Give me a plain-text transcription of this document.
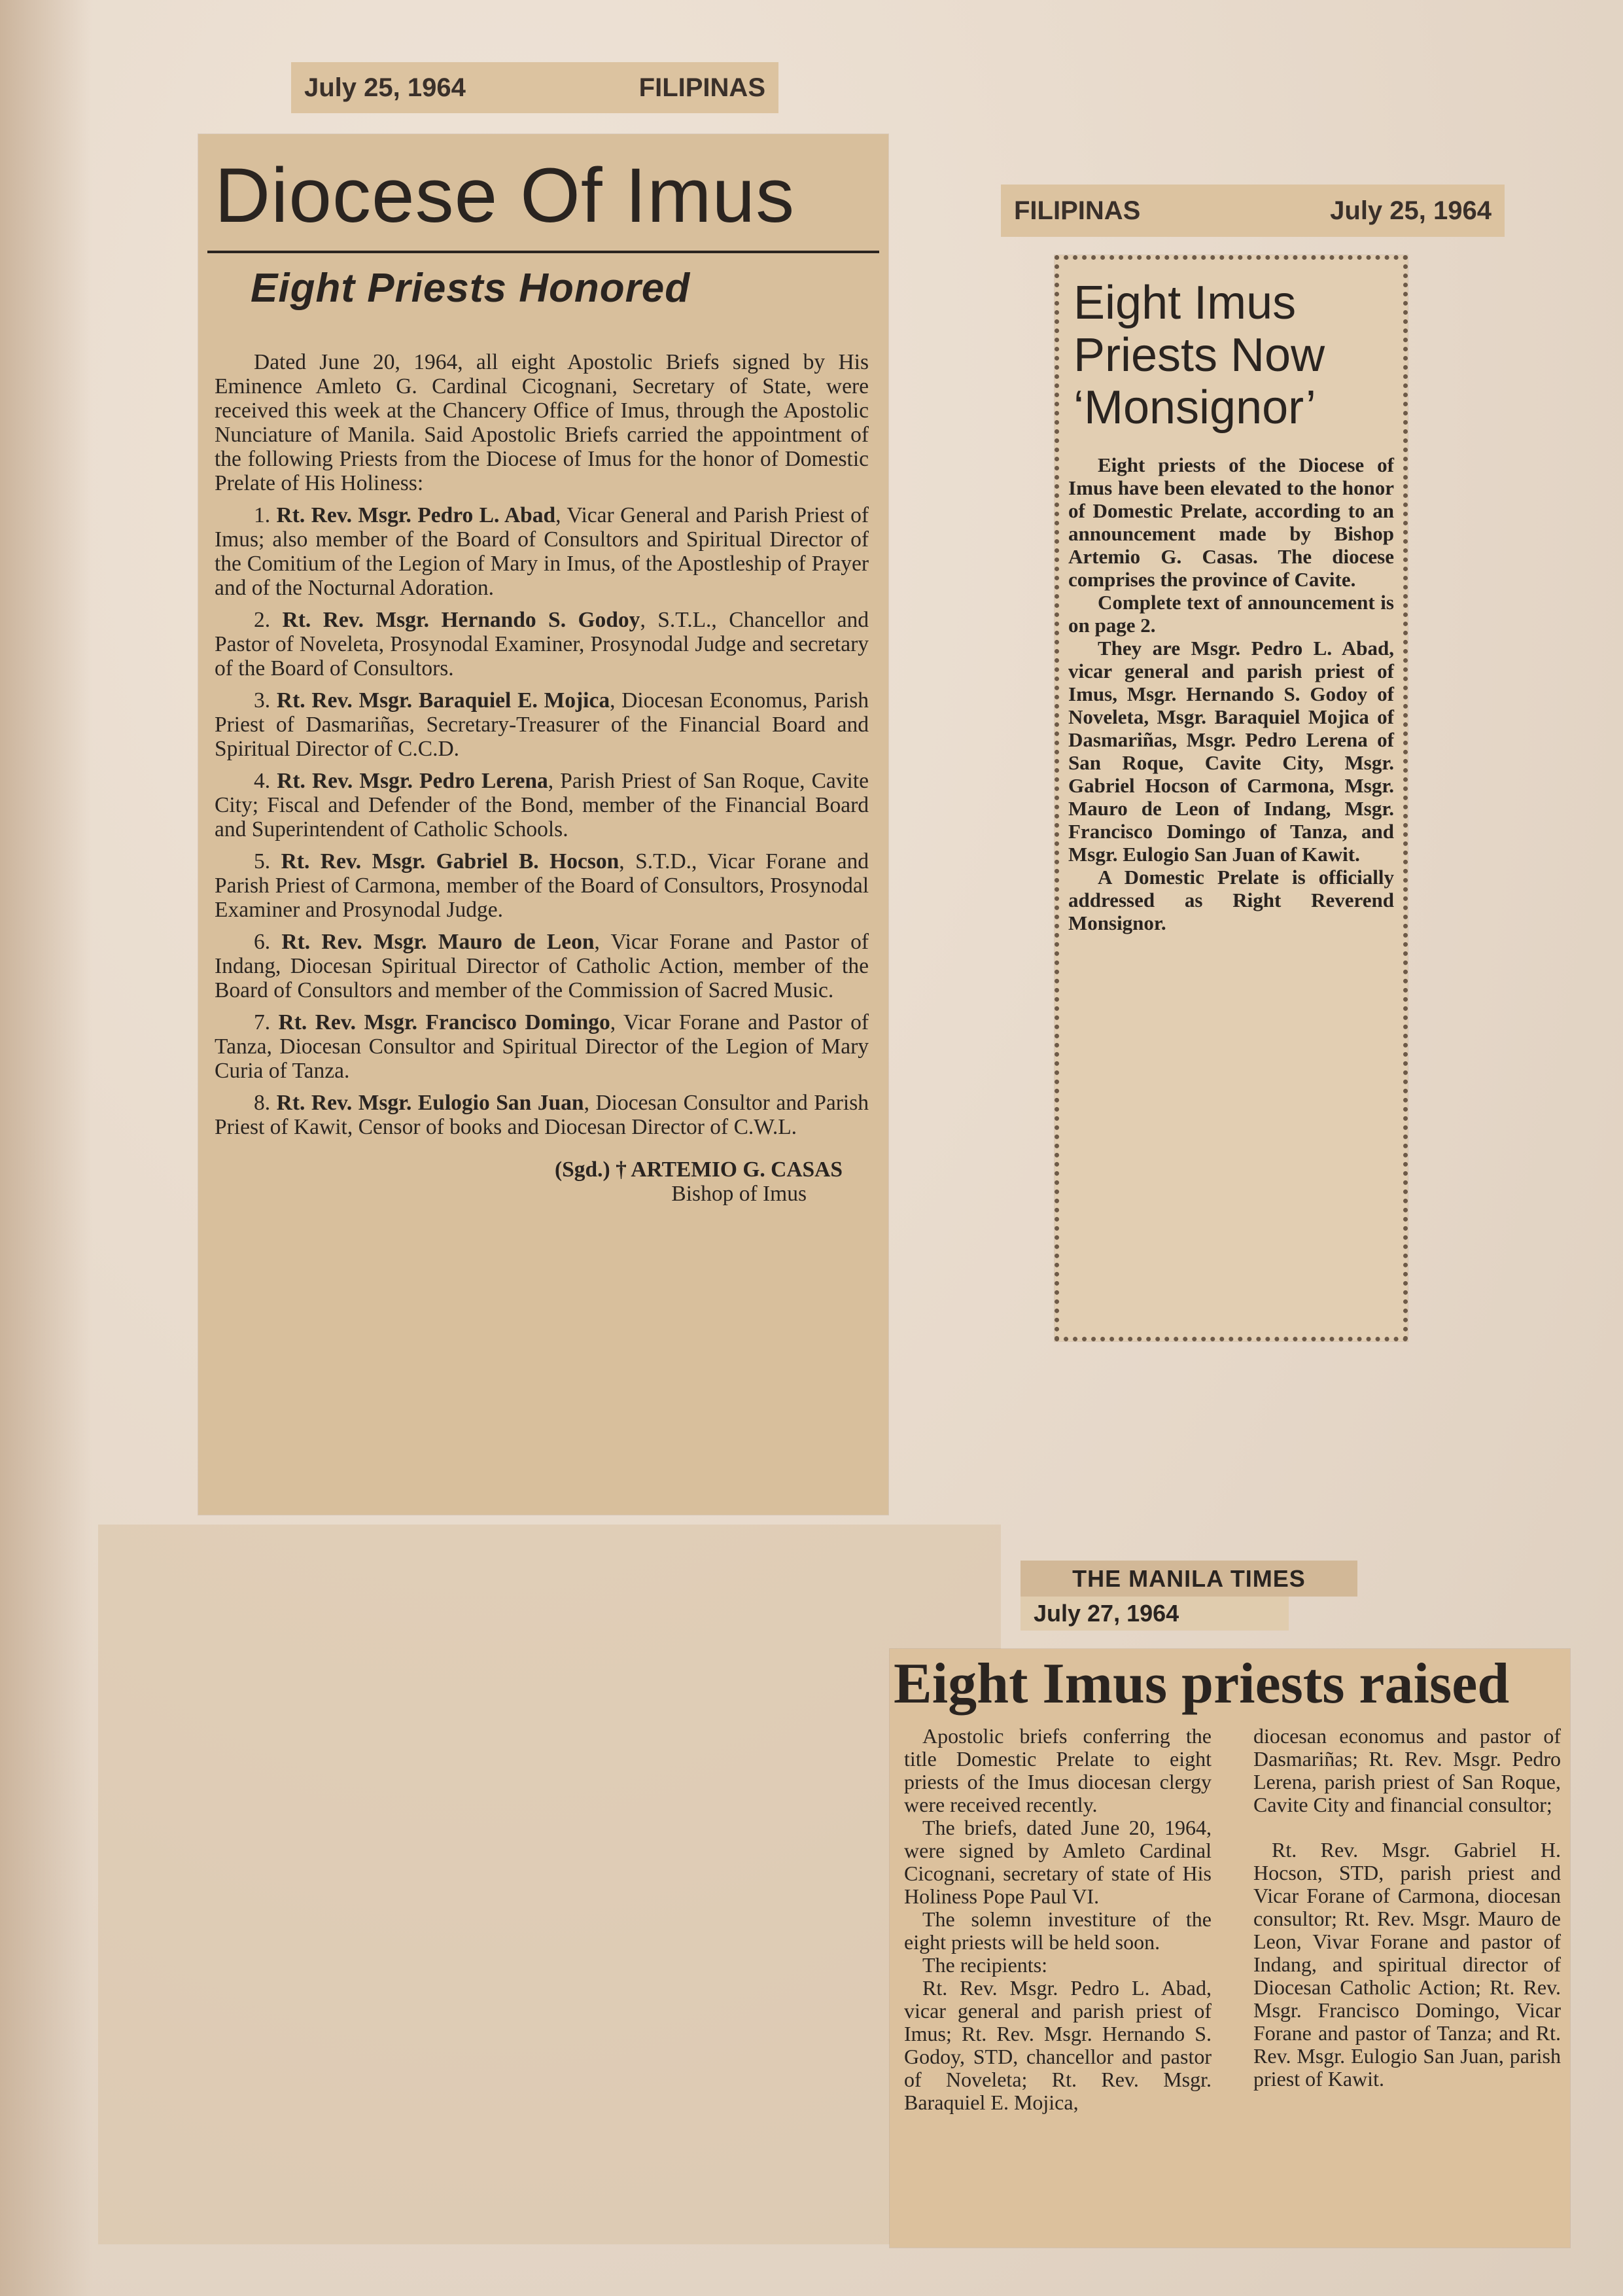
July 25, 1964	FILIPINAS
Diocese Of Imus
Eight Priests Honored

Dated June 20, 1964, all eight Apostolic Briefs signed by His Eminence Amleto G. Cardinal Cicognani, Secretary of State, were received this week at the Chancery Office of Imus, through the Apostolic Nunciature of Manila. Said Apostolic Briefs carried the appointment of the following Priests from the Diocese of Imus for the honor of Domestic Prelate of His Holiness:

1. Rt. Rev. Msgr. Pedro L. Abad, Vicar General and Parish Priest of Imus; also member of the Board of Consultors and Spiritual Director of the Comitium of the Legion of Mary in Imus, of the Apostleship of Prayer and of the Nocturnal Adoration.

2. Rt. Rev. Msgr. Hernando S. Godoy, S.T.L., Chancellor and Pastor of Noveleta, Prosynodal Examiner, Prosynodal Judge and secretary of the Board of Consultors.

3. Rt. Rev. Msgr. Baraquiel E. Mojica, Diocesan Economus, Parish Priest of Dasmariñas, Secretary-Treasurer of the Financial Board and Spiritual Director of C.C.D.

4. Rt. Rev. Msgr. Pedro Lerena, Parish Priest of San Roque, Cavite City; Fiscal and Defender of the Bond, member of the Financial Board and Superintendent of Catholic Schools.

5. Rt. Rev. Msgr. Gabriel B. Hocson, S.T.D., Vicar Forane and Parish Priest of Carmona, member of the Board of Consultors, Prosynodal Examiner and Prosynodal Judge.

6. Rt. Rev. Msgr. Mauro de Leon, Vicar Forane and Pastor of Indang, Diocesan Spiritual Director of Catholic Action, member of the Board of Consultors and member of the Commission of Sacred Music.

7. Rt. Rev. Msgr. Francisco Domingo, Vicar Forane and Pastor of Tanza, Diocesan Consultor and Spiritual Director of the Legion of Mary Curia of Tanza.

8. Rt. Rev. Msgr. Eulogio San Juan, Diocesan Consultor and Parish Priest of Kawit, Censor of books and Diocesan Director of C.W.L.

(Sgd.) † ARTEMIO G. CASAS
Bishop of Imus
FILIPINAS	July 25, 1964
Eight Imus
Priests Now
‘Monsignor’

Eight priests of the Diocese of Imus have been elevated to the honor of Domestic Prelate, according to an announcement made by Bishop Artemio G. Casas. The diocese comprises the province of Cavite.

Complete text of announcement is on page 2.

They are Msgr. Pedro L. Abad, vicar general and parish priest of Imus, Msgr. Hernando S. Godoy of Noveleta, Msgr. Baraquiel Mojica of Dasmariñas, Msgr. Pedro Lerena of San Roque, Cavite City, Msgr. Gabriel Hocson of Carmona, Msgr. Mauro de Leon of Indang, Msgr. Francisco Domingo of Tanza, and Msgr. Eulogio San Juan of Kawit.

A Domestic Prelate is officially addressed as Right Reverend Monsignor.

THE MANILA TIMES
July 27, 1964
Eight Imus priests raised

Apostolic briefs conferring the title Domestic Prelate to eight priests of the Imus diocesan clergy were received recently.

The briefs, dated June 20, 1964, were signed by Amleto Cardinal Cicognani, secretary of state of His Holiness Pope Paul VI.

The solemn investiture of the eight priests will be held soon.

The recipients:

Rt. Rev. Msgr. Pedro L. Abad, vicar general and parish priest of Imus; Rt. Rev. Msgr. Hernando S. Godoy, STD, chancellor and pastor of Noveleta; Rt. Rev. Msgr. Baraquiel E. Mojica,

diocesan economus and pastor of Dasmariñas; Rt. Rev. Msgr. Pedro Lerena, parish priest of San Roque, Cavite City and financial consultor;

Rt. Rev. Msgr. Gabriel H. Hocson, STD, parish priest and Vicar Forane of Carmona, diocesan consultor; Rt. Rev. Msgr. Mauro de Leon, Vivar Forane and pastor of Indang, and spiritual director of Diocesan Catholic Action; Rt. Rev. Msgr. Francisco Domingo, Vicar Forane and pastor of Tanza; and Rt. Rev. Msgr. Eulogio San Juan, parish priest of Kawit.
